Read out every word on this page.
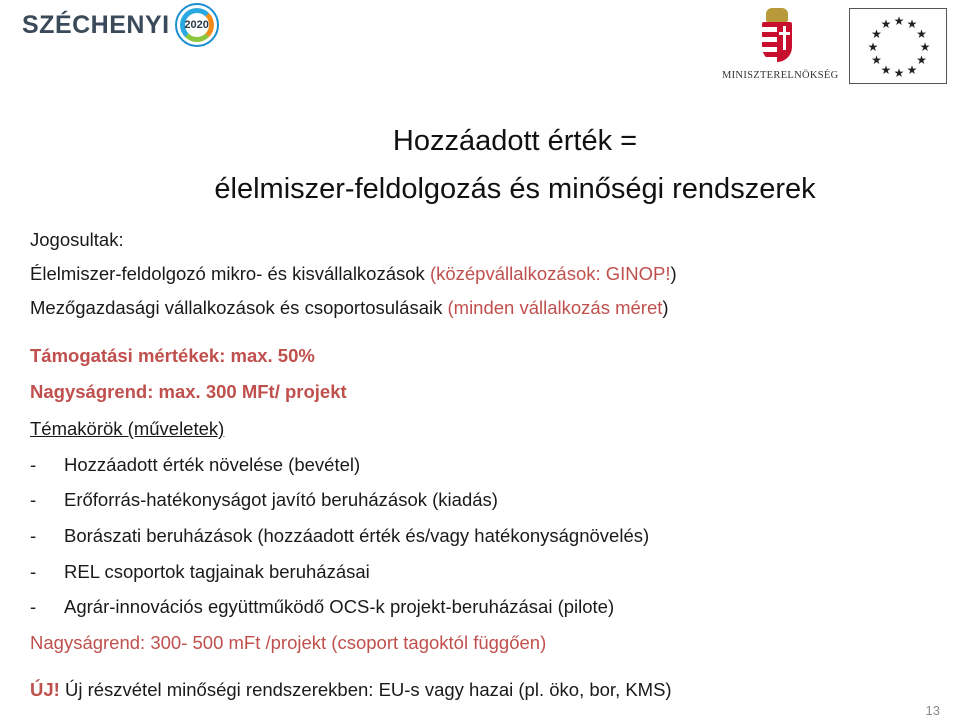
SZÉCHENYI 2020
MINISZTERELNÖKSÉG
★ ★
★
★
★
★
★
★
★
★
★
★
Hozzáadott érték =
élelmiszer-feldolgozás és minőségi rendszerek
Jogosultak:
Élelmiszer-feldolgozó mikro- és kisvállalkozások (középvállalkozások: GINOP!)
Mezőgazdasági vállalkozások és csoportosulásaik (minden vállalkozás méret)
Támogatási mértékek: max. 50%
Nagyságrend: max. 300 MFt/ projekt
Témakörök (műveletek)
- Hozzáadott érték növelése (bevétel)
- Erőforrás-hatékonyságot javító beruházások (kiadás)
- Borászati beruházások (hozzáadott érték és/vagy hatékonyságnövelés)
- REL csoportok tagjainak beruházásai
- Agrár-innovációs együttműködő OCS-k projekt-beruházásai (pilote)
Nagyságrend: 300- 500 mFt /projekt (csoport tagoktól függően)
ÚJ! Új részvétel minőségi rendszerekben: EU-s vagy hazai (pl. öko, bor, KMS)
13
